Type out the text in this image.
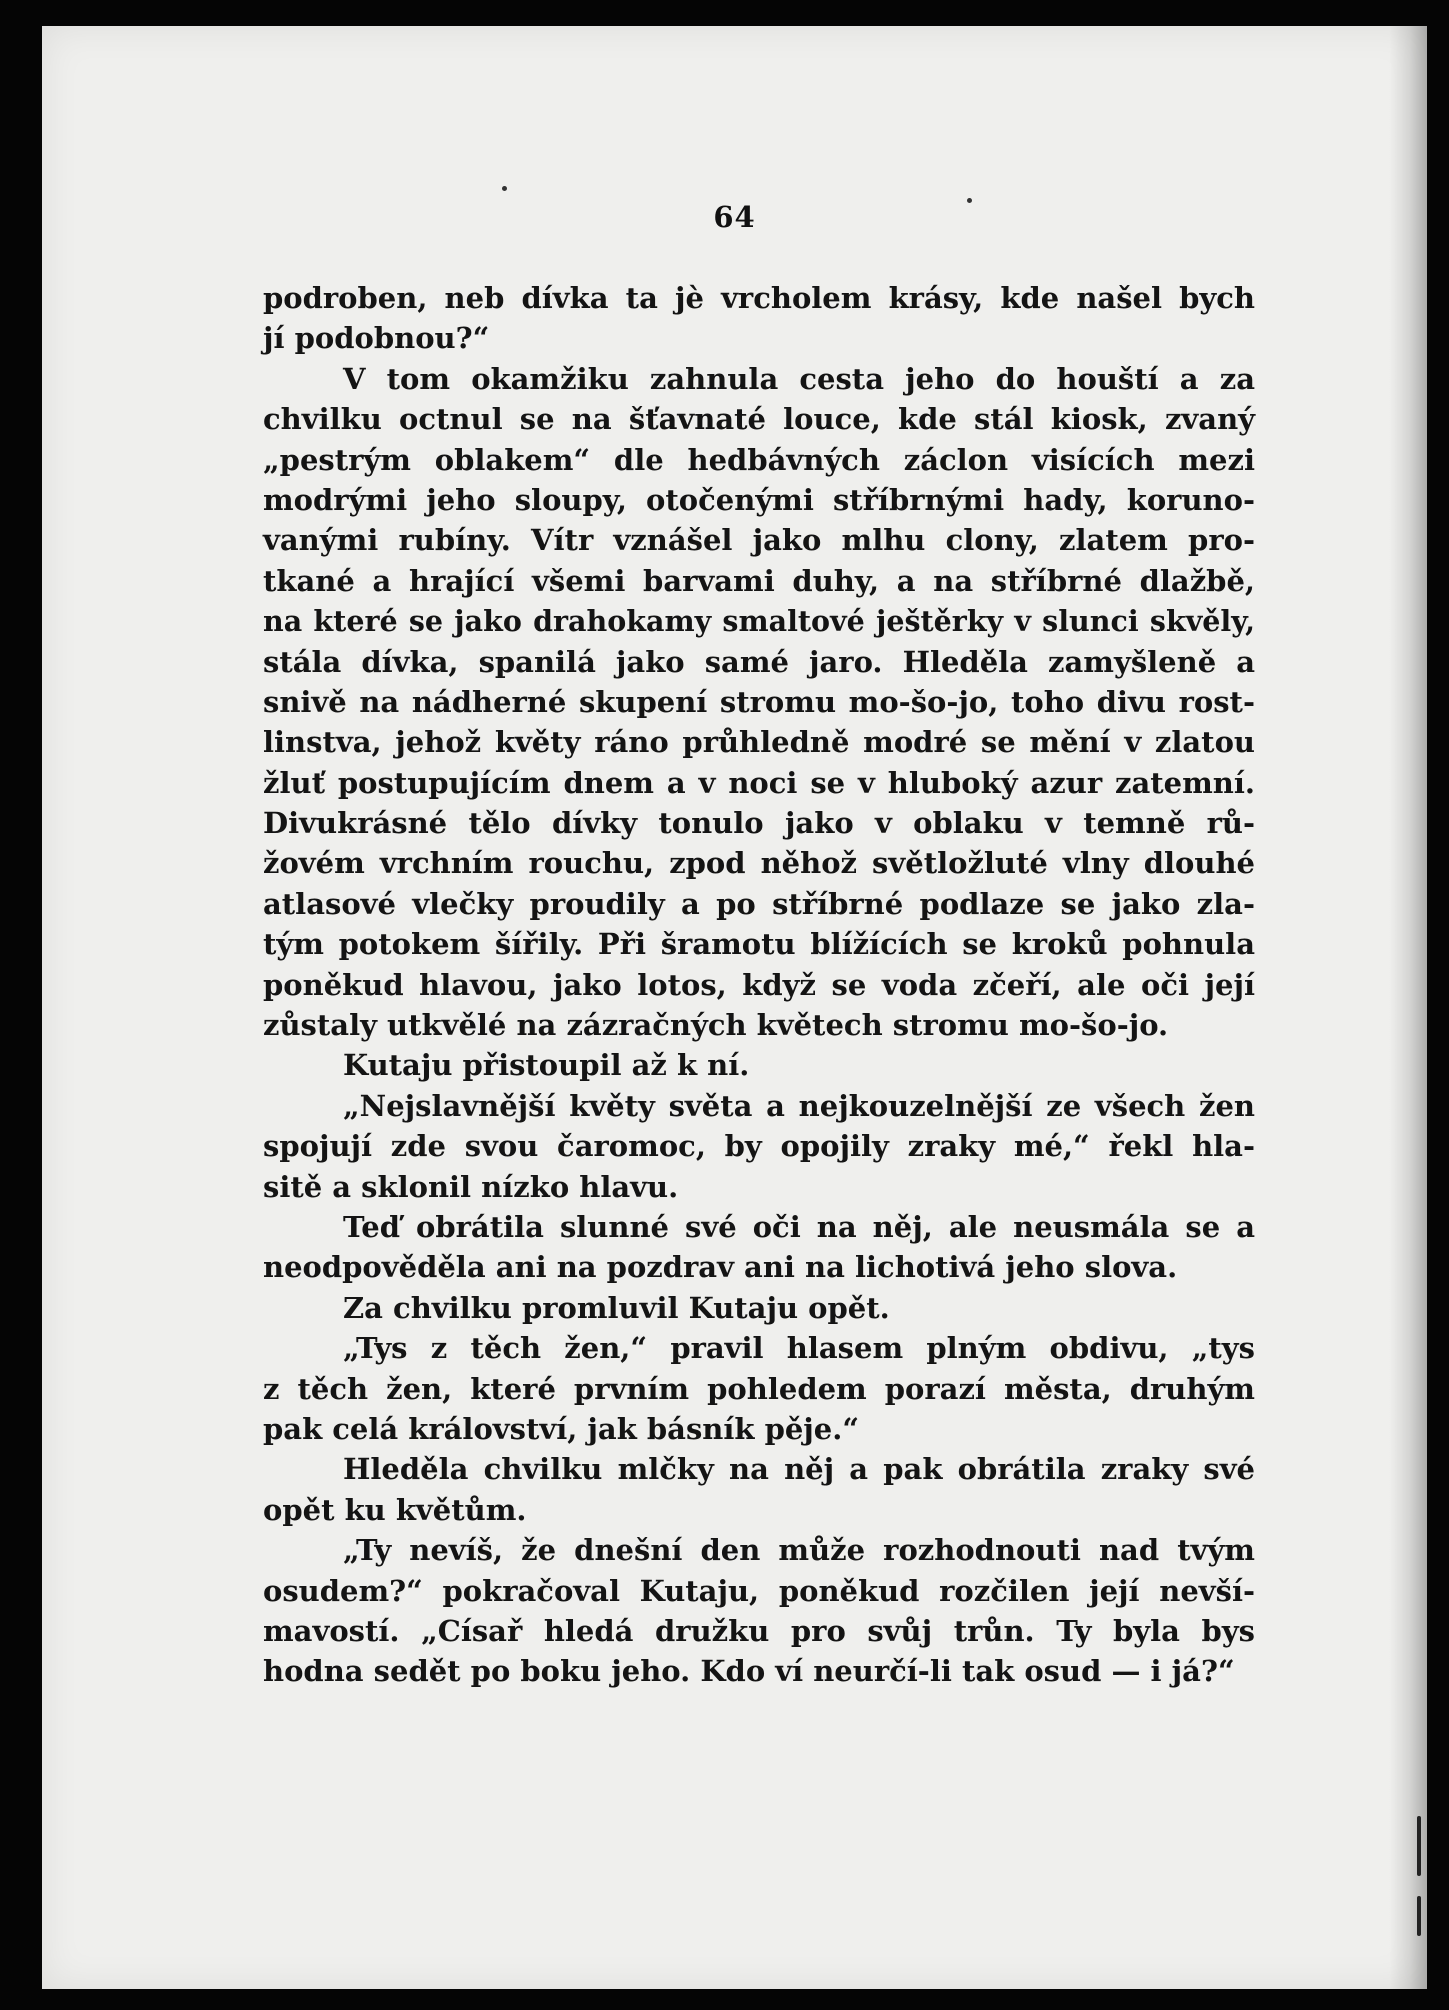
64
podroben, neb dívka ta jè vrcholem krásy, kde našel bych
jí podobnou?“
V tom okamžiku zahnula cesta jeho do houští a za
chvilku octnul se na šťavnaté louce, kde stál kiosk, zvaný
„pestrým oblakem“ dle hedbávných záclon visících mezi
modrými jeho sloupy, otočenými stříbrnými hady, koruno-
vanými rubíny. Vítr vznášel jako mlhu clony, zlatem pro-
tkané a hrající všemi barvami duhy, a na stříbrné dlažbě,
na které se jako drahokamy smaltové ještěrky v slunci skvěly,
stála dívka, spanilá jako samé jaro. Hleděla zamyšleně a
snivě na nádherné skupení stromu mo-šo-jo, toho divu rost-
linstva, jehož květy ráno průhledně modré se mění v zlatou
žluť postupujícím dnem a v noci se v hluboký azur zatemní.
Divukrásné tělo dívky tonulo jako v oblaku v temně rů-
žovém vrchním rouchu, zpod něhož světložluté vlny dlouhé
atlasové vlečky proudily a po stříbrné podlaze se jako zla-
tým potokem šířily. Při šramotu blížících se kroků pohnula
poněkud hlavou, jako lotos, když se voda zčeří, ale oči její
zůstaly utkvělé na zázračných květech stromu mo-šo-jo.
Kutaju přistoupil až k ní.
„Nejslavnější květy světa a nejkouzelnější ze všech žen
spojují zde svou čaromoc, by opojily zraky mé,“ řekl hla-
sitě a sklonil nízko hlavu.
Teď obrátila slunné své oči na něj, ale neusmála se a
neodpověděla ani na pozdrav ani na lichotivá jeho slova.
Za chvilku promluvil Kutaju opět.
„Tys z těch žen,“ pravil hlasem plným obdivu, „tys
z těch žen, které prvním pohledem porazí města, druhým
pak celá království, jak básník pěje.“
Hleděla chvilku mlčky na něj a pak obrátila zraky své
opět ku květům.
„Ty nevíš, že dnešní den může rozhodnouti nad tvým
osudem?“ pokračoval Kutaju, poněkud rozčilen její nevší-
mavostí. „Císař hledá družku pro svůj trůn. Ty byla bys
hodna sedět po boku jeho. Kdo ví neurčí-li tak osud — i já?“
